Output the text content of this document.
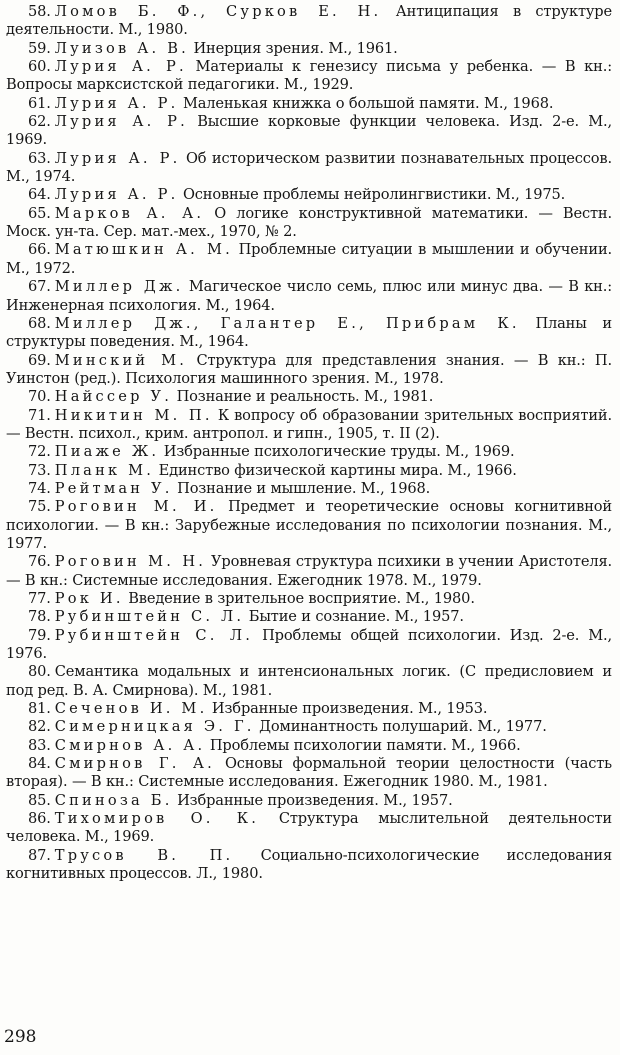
58. Ломов Б. Ф., Сурков Е. Н. Антиципация в структуре деятельности. М., 1980.
59. Луизов А. В. Инерция зрения. М., 1961.
60. Лурия А. Р. Материалы к генезису письма у ребенка. — В кн.: Вопросы марксистской педагогики. М., 1929.
61. Лурия А. Р. Маленькая книжка о большой памяти. М., 1968.
62. Лурия А. Р. Высшие корковые функции человека. Изд. 2-е. М., 1969.
63. Лурия А. Р. Об историческом развитии познавательных процессов. М., 1974.
64. Лурия А. Р. Основные проблемы нейролингвистики. М., 1975.
65. Марков А. А. О логике конструктивной математики. — Вестн. Моск. ун-та. Сер. мат.-мех., 1970, № 2.
66. Матюшкин А. М. Проблемные ситуации в мышлении и обучении. М., 1972.
67. Миллер Дж. Магическое число семь, плюс или минус два. — В кн.: Инженерная психология. М., 1964.
68. Миллер Дж., Галантер Е., Прибрам К. Планы и структуры поведения. М., 1964.
69. Минский М. Структура для представления знания. — В кн.: П. Уинстон (ред.). Психология машинного зрения. М., 1978.
70. Найссер У. Познание и реальность. М., 1981.
71. Никитин М. П. К вопросу об образовании зрительных восприятий. — Вестн. психол., крим. антропол. и гипн., 1905, т. II (2).
72. Пиаже Ж. Избранные психологические труды. М., 1969.
73. Планк М. Единство физической картины мира. М., 1966.
74. Рейтман У. Познание и мышление. М., 1968.
75. Роговин М. И. Предмет и теоретические основы когнитивной психологии. — В кн.: Зарубежные исследования по психологии познания. М., 1977.
76. Роговин М. Н. Уровневая структура психики в учении Аристотеля. — В кн.: Системные исследования. Ежегодник 1978. М., 1979.
77. Рок И. Введение в зрительное восприятие. М., 1980.
78. Рубинштейн С. Л. Бытие и сознание. М., 1957.
79. Рубинштейн С. Л. Проблемы общей психологии. Изд. 2-е. М., 1976.
80. Семантика модальных и интенсиональных логик. (С предисловием и под ред. В. А. Смирнова). М., 1981.
81. Сеченов И. М. Избранные произведения. М., 1953.
82. Симерницкая Э. Г. Доминантность полушарий. М., 1977.
83. Смирнов А. А. Проблемы психологии памяти. М., 1966.
84. Смирнов Г. А. Основы формальной теории целостности (часть вторая). — В кн.: Системные исследования. Ежегодник 1980. М., 1981.
85. Спиноза Б. Избранные произведения. М., 1957.
86. Тихомиров О. К. Структура мыслительной деятельности человека. М., 1969.
87. Трусов В. П. Социально-психологические исследования когнитивных процессов. Л., 1980.
298
